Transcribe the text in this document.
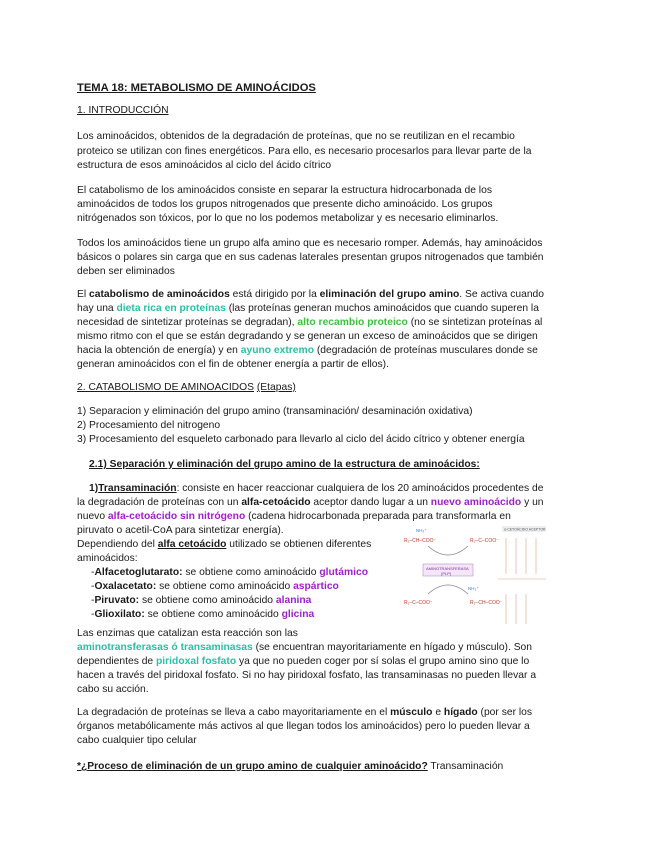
TEMA 18: METABOLISMO DE AMINOÁCIDOS

1. INTRODUCCIÓN

Los aminoácidos, obtenidos de la degradación de proteínas, que no se reutilizan en el recambio

proteico se utilizan con fines energéticos. Para ello, es necesario procesarlos para llevar parte de la

estructura de esos aminoácidos al ciclo del ácido cítrico

El catabolismo de los aminoácidos consiste en separar la estructura hidrocarbonada de los

aminoácidos de todos los grupos nitrogenados que presente dicho aminoácido. Los grupos

nitrógenados son tóxicos, por lo que no los podemos metabolizar y es necesario eliminarlos.

Todos los aminoácidos tiene un grupo alfa amino que es necesario romper. Además, hay aminoácidos

básicos o polares sin carga que en sus cadenas laterales presentan grupos nitrogenados que también

deben ser eliminados

El catabolismo de aminoácidos está dirigido por la eliminación del grupo amino. Se activa cuando

hay una dieta rica en proteínas (las proteínas generan muchos aminoácidos que cuando superen la

necesidad de sintetizar proteínas se degradan), alto recambio proteico (no se sintetizan proteínas al

mismo ritmo con el que se están degradando y se generan un exceso de aminoácidos que se dirigen

hacia la obtención de energía) y en ayuno extremo (degradación de proteínas musculares donde se

generan aminoácidos con el fin de obtener energía a partir de ellos).

2. CATABOLISMO DE AMINOACIDOS (Etapas)

1) Separacion y eliminación del grupo amino (transaminación/ desaminación oxidativa)

2) Procesamiento del nitrogeno

3) Procesamiento del esqueleto carbonado para llevarlo al ciclo del ácido cítrico y obtener energía

2.1) Separación y eliminación del grupo amino de la estructura de aminoácidos:

1)Transaminación: consiste en hacer reaccionar cualquiera de los 20 aminoácidos procedentes de

la degradación de proteínas con un alfa-cetoácido aceptor dando lugar a un nuevo aminoácido y un

nuevo alfa-cetoácido sin nitrógeno (cadena hidrocarbonada preparada para transformarla en

piruvato o acetil-CoA para sintetizar energía).

Dependiendo del alfa cetoácido utilizado se obtienen diferentes

aminoácidos:

-Alfacetoglutarato: se obtiene como aminoácido glutámico

-Oxalacetato: se obtiene como aminoácido aspártico

-Piruvato: se obtiene como aminoácido alanina

-Glioxilato: se obtiene como aminoácido glicina

NH₃⁺
R₁–CH–COO⁻	R₂–C–COO⁻
AMINOTRANSFERASA
(PLP)
R₁–C–COO⁻
NH₃⁺
R₂–CH–COO⁻
α-CETOÁCIDO ACEPTOR

Las enzimas que catalizan esta reacción son las

aminotransferasas ó transaminasas (se encuentran mayoritariamente en hígado y músculo). Son

dependientes de piridoxal fosfato ya que no pueden coger por sí solas el grupo amino sino que lo

hacen a través del piridoxal fosfato. Si no hay piridoxal fosfato, las transaminasas no pueden llevar a

cabo su acción.

La degradación de proteínas se lleva a cabo mayoritariamente en el músculo e hígado (por ser los

órganos metabólicamente más activos al que llegan todos los aminoácidos) pero lo pueden llevar a

cabo cualquier tipo celular

*¿Proceso de eliminación de un grupo amino de cualquier aminoácido? Transaminación
